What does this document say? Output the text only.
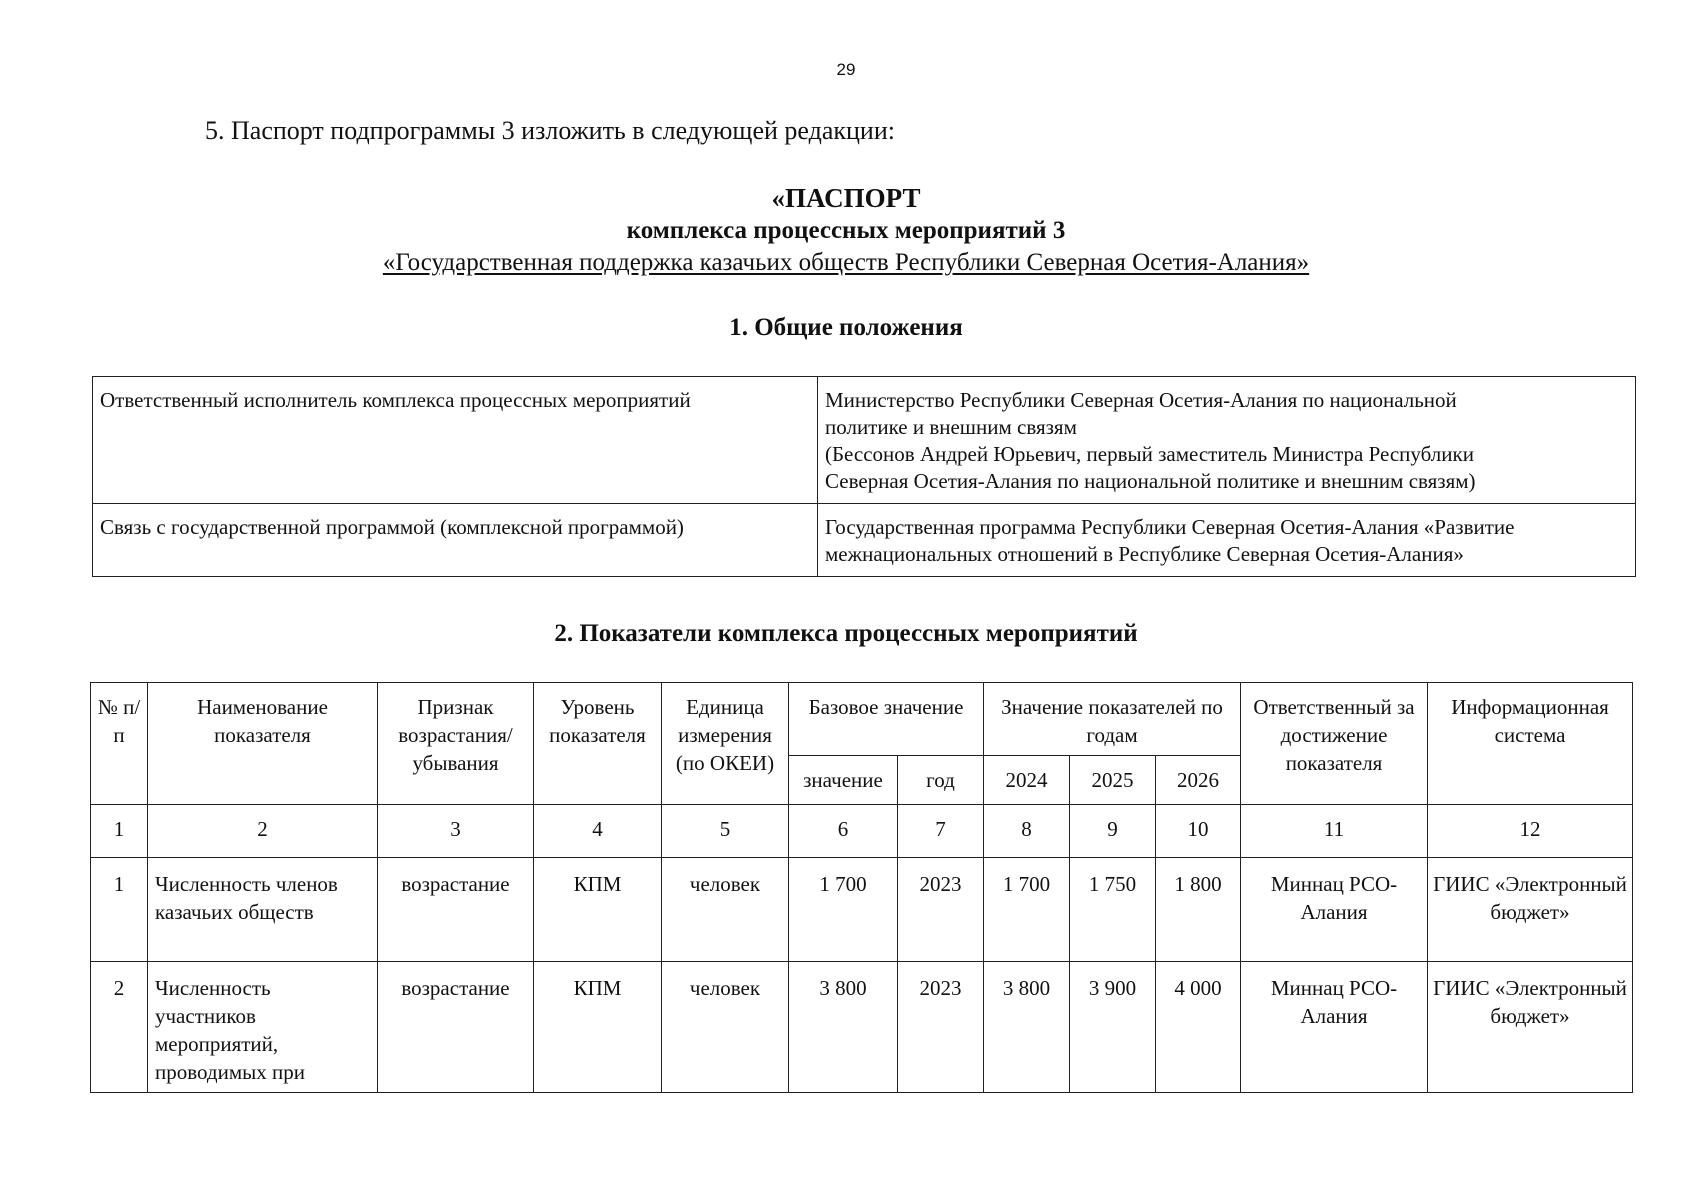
29
5. Паспорт подпрограммы 3 изложить в следующей редакции:
«ПАСПОРТ
комплекса процессных мероприятий 3
«Государственная поддержка казачьих обществ Республики Северная Осетия-Алания»
1. Общие положения
Ответственный исполнитель комплекса процессных мероприятий	Министерство Республики Северная Осетия-Алания по национальной
политике и внешним связям
(Бессонов Андрей Юрьевич, первый заместитель Министра Республики
Северная Осетия-Алания по национальной политике и внешним связям)

Связь с государственной программой (комплексной программой)	Государственная программа Республики Северная Осетия-Алания «Развитие
межнациональных отношений в Республике Северная Осетия-Алания»
2. Показатели комплекса процессных мероприятий
№ п/п	Наименование показателя	Признак возрастания/ убывания	Уровень показателя	Единица измерения (по ОКЕИ)	Базовое значение		Значение показателей по годам			Ответственный за достижение показателя	Информационная система
					значение	год	2024	2025	2026		
1	2	3	4	5	6	7	8	9	10	11	12
1	Численность членов казачьих обществ	возрастание	КПМ	человек	1 700	2023	1 700	1 750	1 800	Миннац РСО-Алания	ГИИС «Электронный бюджет»
2	Численность участников мероприятий, проводимых при	возрастание	КПМ	человек	3 800	2023	3 800	3 900	4 000	Миннац РСО-Алания	ГИИС «Электронный бюджет»
